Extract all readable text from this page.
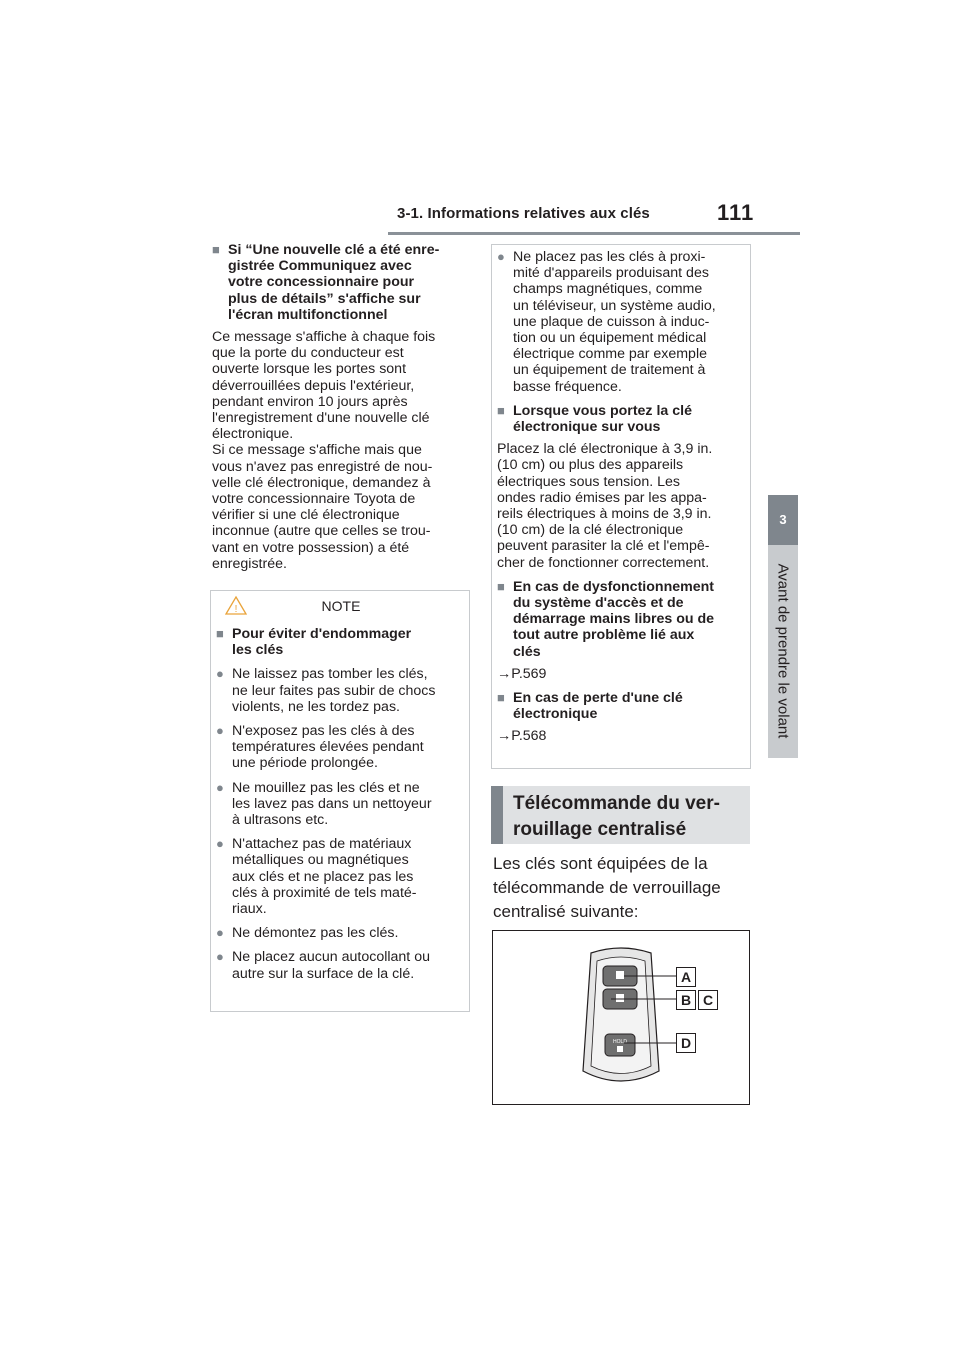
3-1. Informations relatives aux clés	111
3
Avant de prendre le volant
■ Si “Une nouvelle clé a été enre-
gistrée Communiquez avec
votre concessionnaire pour
plus de détails” s'affiche sur
l'écran multifonctionnel
Ce message s'affiche à chaque fois
que la porte du conducteur est
ouverte lorsque les portes sont
déverrouillées depuis l'extérieur,
pendant environ 10 jours après
l'enregistrement d'une nouvelle clé
électronique.
Si ce message s'affiche mais que
vous n'avez pas enregistré de nou-
velle clé électronique, demandez à
votre concessionnaire Toyota de
vérifier si une clé électronique
inconnue (autre que celles se trou-
vant en votre possession) a été
enregistrée.
!	NOTE
■ Pour éviter d'endommager
les clés
● Ne laissez pas tomber les clés,
ne leur faites pas subir de chocs
violents, ne les tordez pas.
● N'exposez pas les clés à des
températures élevées pendant
une période prolongée.
● Ne mouillez pas les clés et ne
les lavez pas dans un nettoyeur
à ultrasons etc.
● N'attachez pas de matériaux
métalliques ou magnétiques
aux clés et ne placez pas les
clés à proximité de tels maté-
riaux.
● Ne démontez pas les clés.
● Ne placez aucun autocollant ou
autre sur la surface de la clé.
● Ne placez pas les clés à proxi-
mité d'appareils produisant des
champs magnétiques, comme
un téléviseur, un système audio,
une plaque de cuisson à induc-
tion ou un équipement médical
électrique comme par exemple
un équipement de traitement à
basse fréquence.
■ Lorsque vous portez la clé
électronique sur vous
Placez la clé électronique à 3,9 in.
(10 cm) ou plus des appareils
électriques sous tension. Les
ondes radio émises par les appa-
reils électriques à moins de 3,9 in.
(10 cm) de la clé électronique
peuvent parasiter la clé et l'empê-
cher de fonctionner correctement.
■ En cas de dysfonctionnement
du système d'accès et de
démarrage mains libres ou de
tout autre problème lié aux
clés
→P.569
■ En cas de perte d'une clé
électronique
→P.568
Télécommande du ver-
rouillage centralisé
Les clés sont équipées de la
télécommande de verrouillage
centralisé suivante:
HOLD
A
B C
D
